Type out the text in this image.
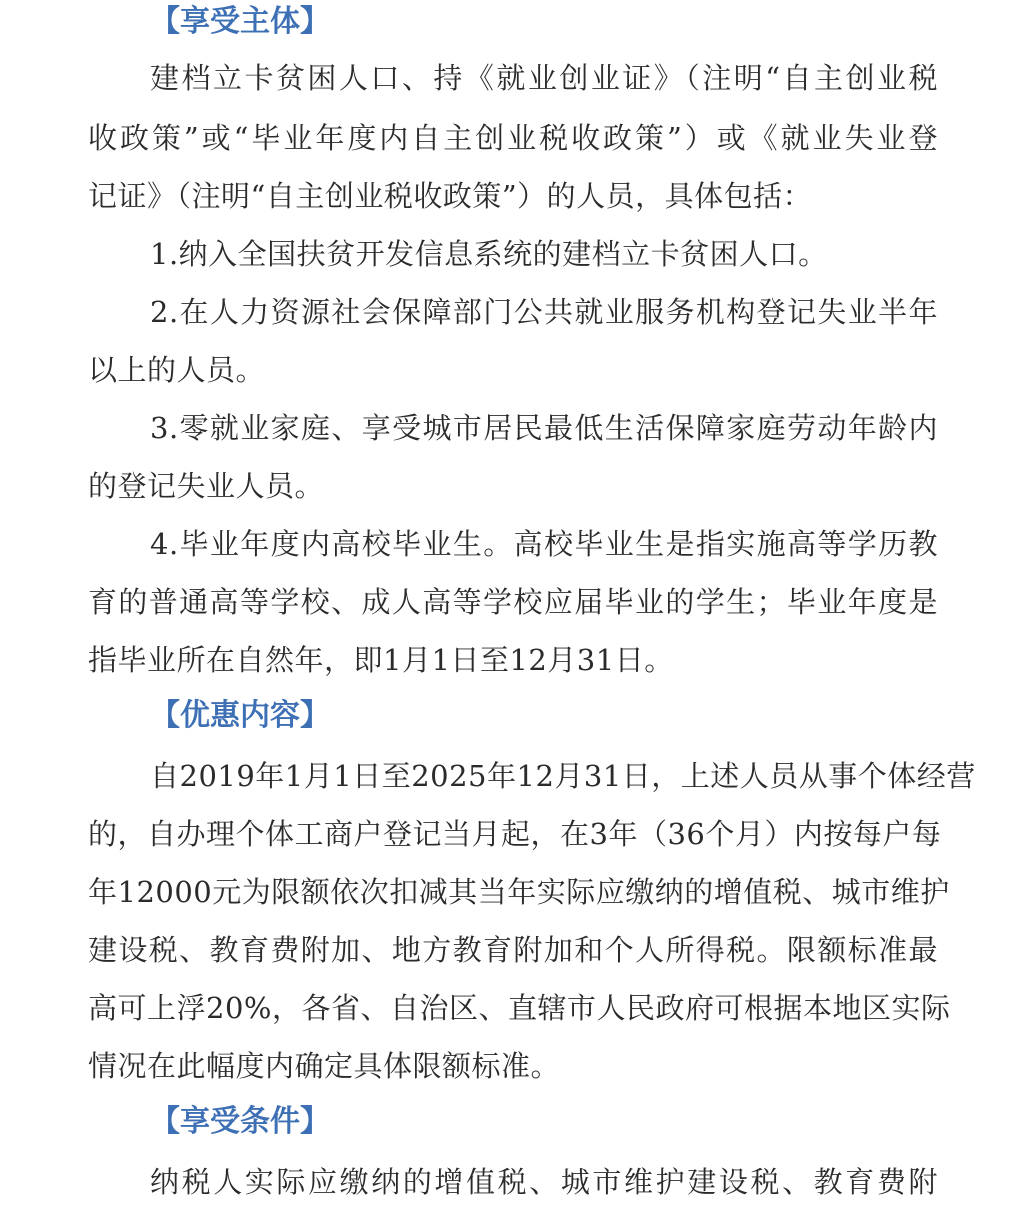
【享受主体】
建档立卡贫困人口、持《就业创业证》（注明“自主创业税
收政策”或“毕业年度内自主创业税收政策”）或《就业失业登
记证》（注明“自主创业税收政策”）的人员，具体包括：
1.纳入全国扶贫开发信息系统的建档立卡贫困人口。
2.在人力资源社会保障部门公共就业服务机构登记失业半年
以上的人员。
3.零就业家庭、享受城市居民最低生活保障家庭劳动年龄内
的登记失业人员。
4.毕业年度内高校毕业生。高校毕业生是指实施高等学历教
育的普通高等学校、成人高等学校应届毕业的学生；毕业年度是
指毕业所在自然年，即1月1日至12月31日。
【优惠内容】
自2019年1月1日至2025年12月31日，上述人员从事个体经营
的，自办理个体工商户登记当月起，在3年（36个月）内按每户每
年12000元为限额依次扣减其当年实际应缴纳的增值税、城市维护
建设税、教育费附加、地方教育附加和个人所得税。限额标准最
高可上浮20%，各省、自治区、直辖市人民政府可根据本地区实际
情况在此幅度内确定具体限额标准。
【享受条件】
纳税人实际应缴纳的增值税、城市维护建设税、教育费附
